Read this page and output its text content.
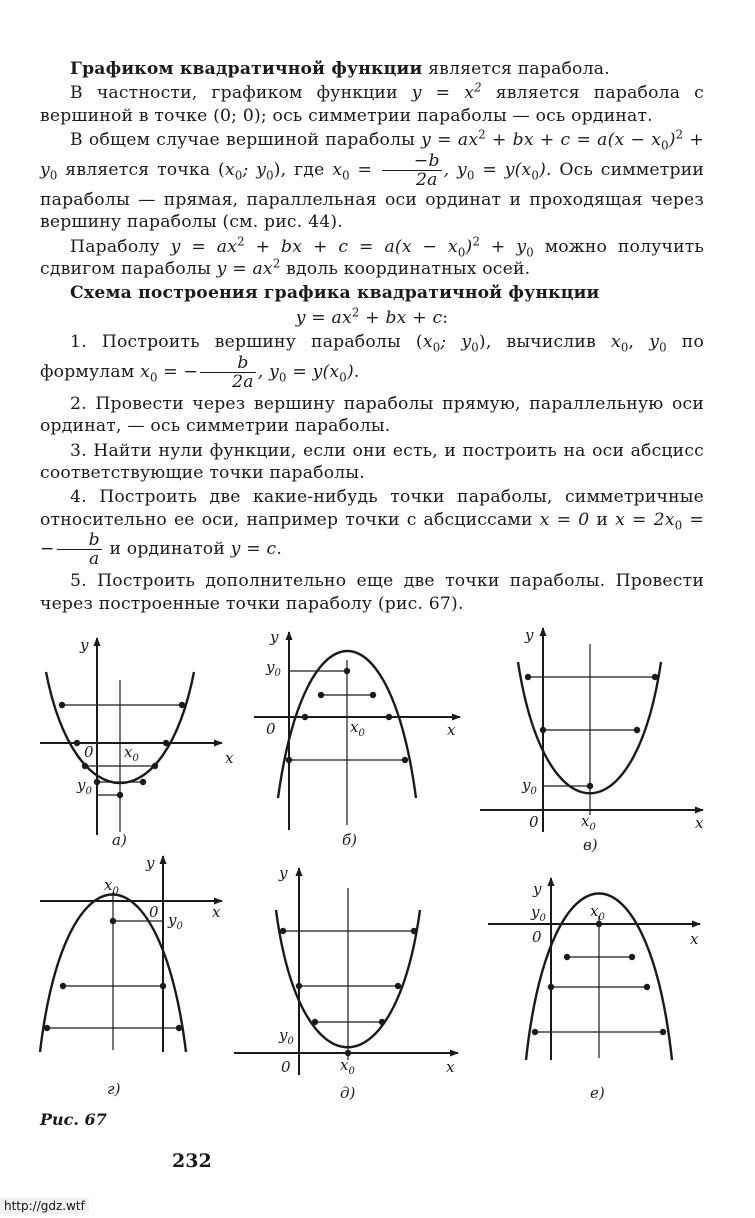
Графиком квадратичной функции является парабола.

В частности, графиком функции $y = x^2$ является парабола с вершиной в точке (0; 0); ось симметрии параболы — ось ординат.

В общем случае вершиной параболы $y = ax^2$ + bx + $c = a(x - x_0)^2 + y_0$ является точка ($x_0$; $y_0$), где $x_0 = \frac{-b}{2a}$ , $y_0 = y(x_0)$. Ось симметрии параболы — прямая, параллельная оси ординат и проходящая через вершину параболы (см. рис. 44).

Параболу $y = ax^2$ + bx + $c = a(x - x_0)^2 + y_0$ можно получить сдвигом параболы $y = ax^2$ вдоль координатных осей.

Схема построения графика квадратичной функции

$y = ax^2$ + bx + c:

1. Построить вершину параболы ($x_0$; $y_0$), вычислив $x_0$, $y_0$ по формулам $x_0$ = − $\frac{b}{2a}$ , $y_0 = y(x_0)$.

2. Провести через вершину параболы прямую, параллельную оси ординат, — ось симметрии параболы.

3. Найти нули функции, если они есть, и построить на оси абсцисс соответствующие точки параболы.

4. Построить две какие-нибудь точки параболы, симметричные относительно ее оси, например точки с абсциссами x = 0 и $x = 2x_0$ = − $\frac{b}{a}$ и ординатой y = c.

5. Построить дополнительно еще две точки параболы. Провести через построенные точки параболу (рис. 67).

y
x
0 $x_0$
$y_0$
а)
y
x
0	$x_0$
$y_0$
б)
y
x
0	$x_0$
$y_0$
в)
y
x
0
$x_0$
$y_0$
г)
y
x
0	$x_0$
$y_0$
д)
y
x
0
$x_0$
$y_0$
е)
Рис. 67
232
http://gdz.wtf
